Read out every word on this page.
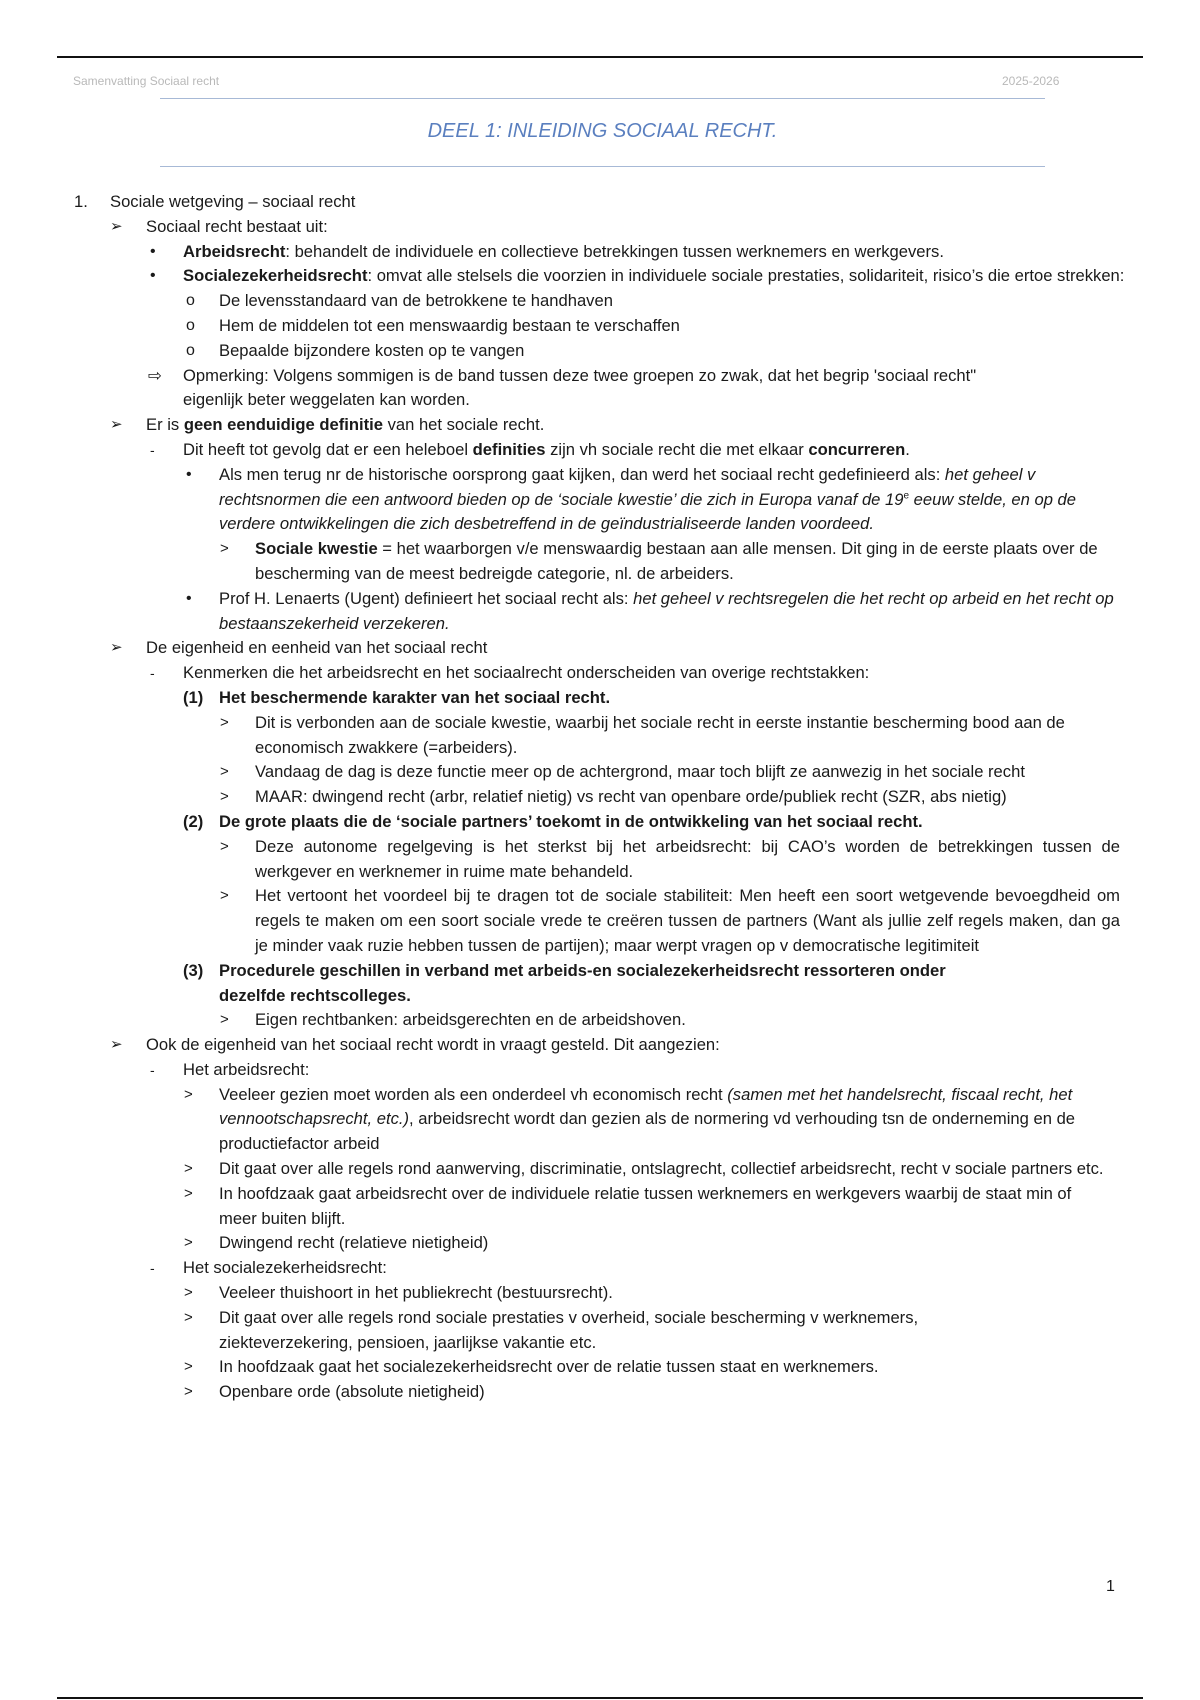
Samenvatting Sociaal recht	2025-2026
DEEL 1: INLEIDING SOCIAAL RECHT.
1. Sociale wetgeving – sociaal recht
➢ Sociaal recht bestaat uit:
• Arbeidsrecht: behandelt de individuele en collectieve betrekkingen tussen werknemers en werkgevers.
• Socialezekerheidsrecht: omvat alle stelsels die voorzien in individuele sociale prestaties, solidariteit, risico’s die ertoe strekken:
o De levensstandaard van de betrokkene te handhaven
o Hem de middelen tot een menswaardig bestaan te verschaffen
o Bepaalde bijzondere kosten op te vangen
⇨ Opmerking: Volgens sommigen is de band tussen deze twee groepen zo zwak, dat het begrip 'sociaal recht" eigenlijk beter weggelaten kan worden.
➢ Er is geen eenduidige definitie van het sociale recht.
- Dit heeft tot gevolg dat er een heleboel definities zijn vh sociale recht die met elkaar concurreren.
• Als men terug nr de historische oorsprong gaat kijken, dan werd het sociaal recht gedefinieerd als: het geheel v rechtsnormen die een antwoord bieden op de ‘sociale kwestie’ die zich in Europa vanaf de 19e eeuw stelde, en op de verdere ontwikkelingen die zich desbetreffend in de geïndustrialiseerde landen voordeed.
> Sociale kwestie = het waarborgen v/e menswaardig bestaan aan alle mensen. Dit ging in de eerste plaats over de bescherming van de meest bedreigde categorie, nl. de arbeiders.
• Prof H. Lenaerts (Ugent) definieert het sociaal recht als: het geheel v rechtsregelen die het recht op arbeid en het recht op bestaanszekerheid verzekeren.
➢ De eigenheid en eenheid van het sociaal recht
- Kenmerken die het arbeidsrecht en het sociaalrecht onderscheiden van overige rechtstakken:
(1) Het beschermende karakter van het sociaal recht.
> Dit is verbonden aan de sociale kwestie, waarbij het sociale recht in eerste instantie bescherming bood aan de economisch zwakkere (=arbeiders).
> Vandaag de dag is deze functie meer op de achtergrond, maar toch blijft ze aanwezig in het sociale recht
> MAAR: dwingend recht (arbr, relatief nietig) vs recht van openbare orde/publiek recht (SZR, abs nietig)
(2) De grote plaats die de ‘sociale partners’ toekomt in de ontwikkeling van het sociaal recht.
> Deze autonome regelgeving is het sterkst bij het arbeidsrecht: bij CAO’s worden de betrekkingen tussen de werkgever en werknemer in ruime mate behandeld.
> Het vertoont het voordeel bij te dragen tot de sociale stabiliteit: Men heeft een soort wetgevende bevoegdheid om regels te maken om een soort sociale vrede te creëren tussen de partners (Want als jullie zelf regels maken, dan ga je minder vaak ruzie hebben tussen de partijen); maar werpt vragen op v democratische legitimiteit
(3) Procedurele geschillen in verband met arbeids-en socialezekerheidsrecht ressorteren onder dezelfde rechtscolleges.
> Eigen rechtbanken: arbeidsgerechten en de arbeidshoven.
➢ Ook de eigenheid van het sociaal recht wordt in vraagt gesteld. Dit aangezien:
- Het arbeidsrecht:
> Veeleer gezien moet worden als een onderdeel vh economisch recht (samen met het handelsrecht, fiscaal recht, het vennootschapsrecht, etc.), arbeidsrecht wordt dan gezien als de normering vd verhouding tsn de onderneming en de productiefactor arbeid
> Dit gaat over alle regels rond aanwerving, discriminatie, ontslagrecht, collectief arbeidsrecht, recht v sociale partners etc.
> In hoofdzaak gaat arbeidsrecht over de individuele relatie tussen werknemers en werkgevers waarbij de staat min of meer buiten blijft.
> Dwingend recht (relatieve nietigheid)
- Het socialezekerheidsrecht:
> Veeleer thuishoort in het publiekrecht (bestuursrecht).
> Dit gaat over alle regels rond sociale prestaties v overheid, sociale bescherming v werknemers, ziekteverzekering, pensioen, jaarlijkse vakantie etc.
> In hoofdzaak gaat het socialezekerheidsrecht over de relatie tussen staat en werknemers.
> Openbare orde (absolute nietigheid)
1
